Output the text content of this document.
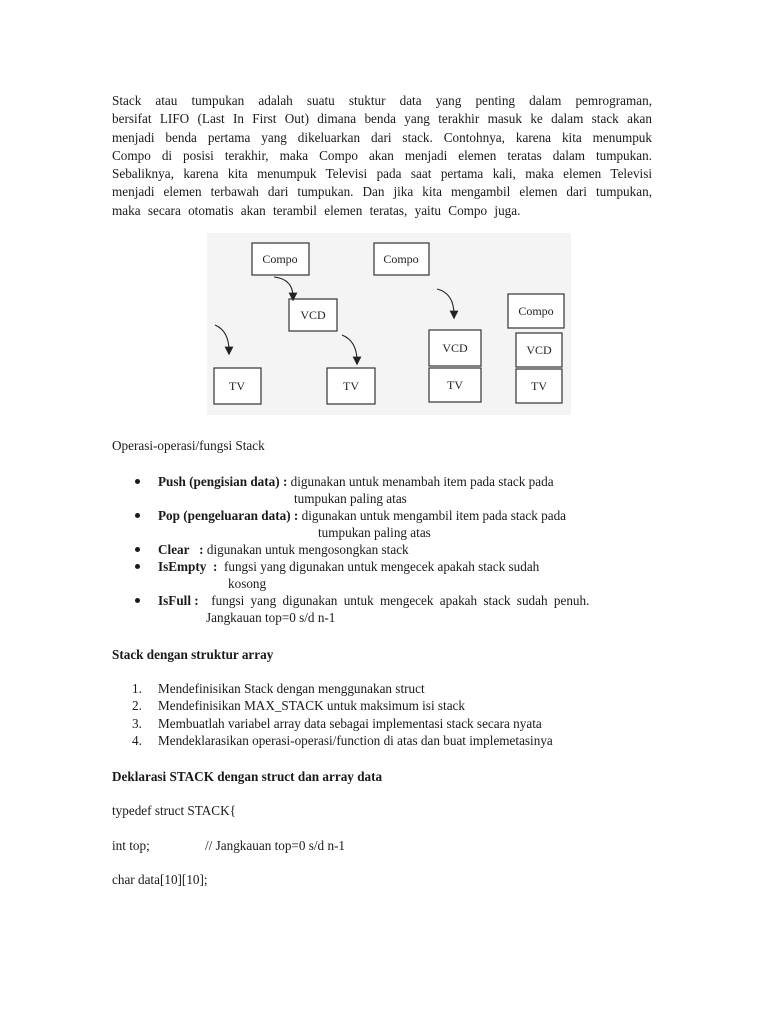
Stack atau tumpukan adalah suatu stuktur data yang penting dalam pemrograman,
bersifat LIFO (Last In First Out) dimana benda yang terakhir masuk ke dalam stack akan
menjadi benda pertama yang dikeluarkan dari stack. Contohnya, karena kita menumpuk
Compo di posisi terakhir, maka Compo akan menjadi elemen teratas dalam tumpukan.
Sebaliknya, karena kita menumpuk Televisi pada saat pertama kali, maka elemen Televisi
menjadi elemen terbawah dari tumpukan. Dan jika kita mengambil elemen dari tumpukan,
maka secara otomatis akan terambil elemen teratas, yaitu Compo juga.

Compo
VCD
TV	TV
Compo
VCD
TV
Compo
VCD
TV
Operasi-operasi/fungsi Stack
Push (pengisian data) : digunakan untuk menambah item pada stack pada
tumpukan paling atas
Pop (pengeluaran data) : digunakan untuk mengambil item pada stack pada
tumpukan paling atas
Clear   : digunakan untuk mengosongkan stack
IsEmpty  :  fungsi yang digunakan untuk mengecek apakah stack sudah
kosong
IsFull :  fungsi yang digunakan untuk mengecek apakah stack sudah penuh.
Jangkauan top=0 s/d n-1
Stack dengan struktur array
1. Mendefinisikan Stack dengan menggunakan struct
2. Mendefinisikan MAX_STACK untuk maksimum isi stack
3. Membuatlah variabel array data sebagai implementasi stack secara nyata
4. Mendeklarasikan operasi-operasi/function di atas dan buat implemetasinya
Deklarasi STACK dengan struct dan array data
typedef struct STACK{
int top;	// Jangkauan top=0 s/d n-1
char data[10][10];
